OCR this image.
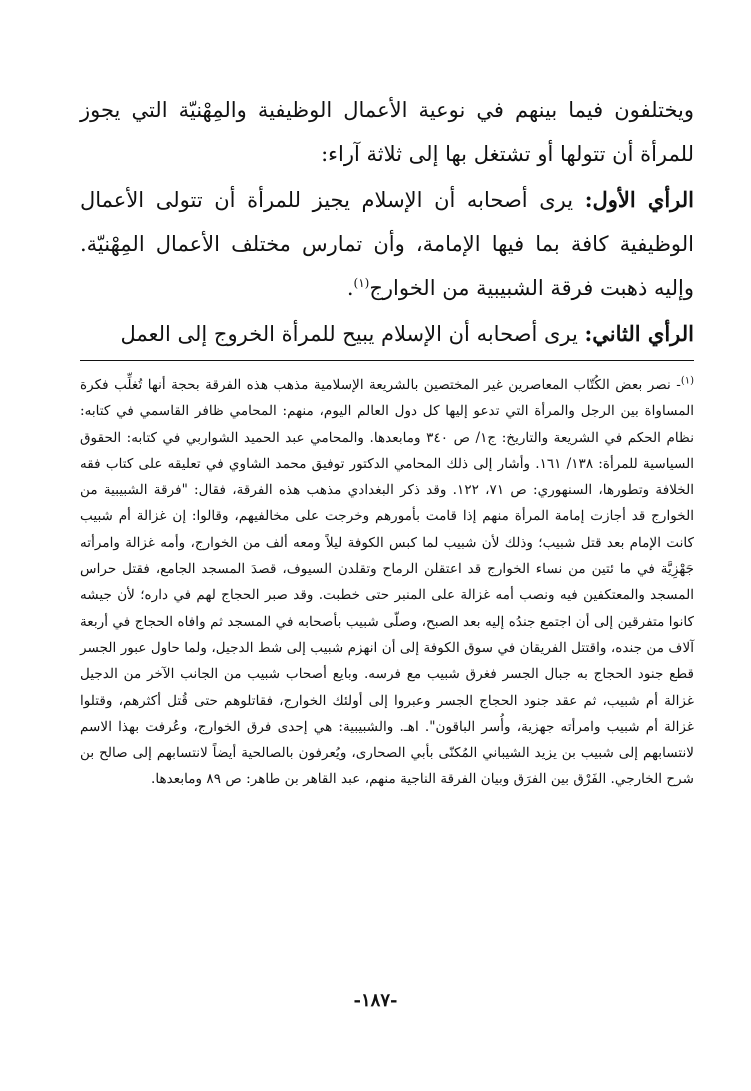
ويختلفون فيما بينهم في نوعية الأعمال الوظيفية والمِهْنيّة التي يجوز للمرأة أن تتولها أو تشتغل بها إلى ثلاثة آراء:

الرأي الأول: يرى أصحابه أن الإسلام يجيز للمرأة أن تتولى الأعمال الوظيفية كافة بما فيها الإمامة، وأن تمارس مختلف الأعمال المِهْنيّة. وإليه ذهبت فرقة الشبيبية من الخوارج$^{(١)}$.

الرأي الثاني: يرى أصحابه أن الإسلام يبيح للمرأة الخروج إلى العمل

$^{(١)}$- نصر بعض الكُتّاب المعاصرين غير المختصين بالشريعة الإسلامية مذهب هذه الفرقة بحجة أنها تُغلِّب فكرة المساواة بين الرجل والمرأة التي تدعو إليها كل دول العالم اليوم، منهم: المحامي ظافر القاسمي في كتابه: نظام الحكم في الشريعة والتاريخ: ج١/ ص ٣٤٠ ومابعدها. والمحامي عبد الحميد الشواربي في كتابه: الحقوق السياسية للمرأة: ١٣٨/ ١٦١. وأشار إلى ذلك المحامي الدكتور توفيق محمد الشاوي في تعليقه على كتاب فقه الخلافة وتطورها، السنهوري: ص ٧١، ١٢٢. وقد ذكر البغدادي مذهب هذه الفرقة، فقال: "فرقة الشبيبية من الخوارج قد أجازت إمامة المرأة منهم إذا قامت بأمورهم وخرجت على مخالفيهم، وقالوا: إن غزالة أم شبيب كانت الإمام بعد قتل شبيب؛ وذلك لأن شبيب لما كبس الكوفة ليلاً ومعه ألف من الخوارج، وأمه غزالة وامرأته جَهْزِيَّة في ما ئتين من نساء الخوارج قد اعتقلن الرماح وتقلدن السيوف، قصدَ المسجد الجامع، فقتل حراس المسجد والمعتكفين فيه ونصب أمه غزالة على المنبر حتى خطبت. وقد صبر الحجاج لهم في داره؛ لأن جيشه كانوا متفرقين إلى أن اجتمع جندُه إليه بعد الصبح، وصلّى شبيب بأصحابه في المسجد ثم وافاه الحجاج في أربعة آلاف من جنده، واقتتل الفريقان في سوق الكوفة إلى أن انهزم شبيب إلى شط الدجيل، ولما حاول عبور الجسر قطع جنود الحجاج به جبال الجسر فغرق شبيب مع فرسه. وبايع أصحاب شبيب من الجانب الآخر من الدجيل غزالة أم شبيب، ثم عقد جنود الحجاج الجسر وعبروا إلى أولئك الخوارج، فقاتلوهم حتى قُتل أكثرهم، وقتلوا غزالة أم شبيب وامرأته جهزية، وأُسر الباقون". اهـ. والشبيبية: هي إحدى فرق الخوارج، وعُرفت بهذا الاسم لانتسابهم إلى شبيب بن يزيد الشيباني المُكنّى بأبي الصحارى، ويُعرفون بالصالحية أيضاً لانتسابهم إلى صالح بن شرح الخارجي. الفَرْق بين الفرَق وبيان الفرقة الناجية منهم، عبد القاهر بن طاهر: ص ٨٩ ومابعدها.

-١٨٧-
